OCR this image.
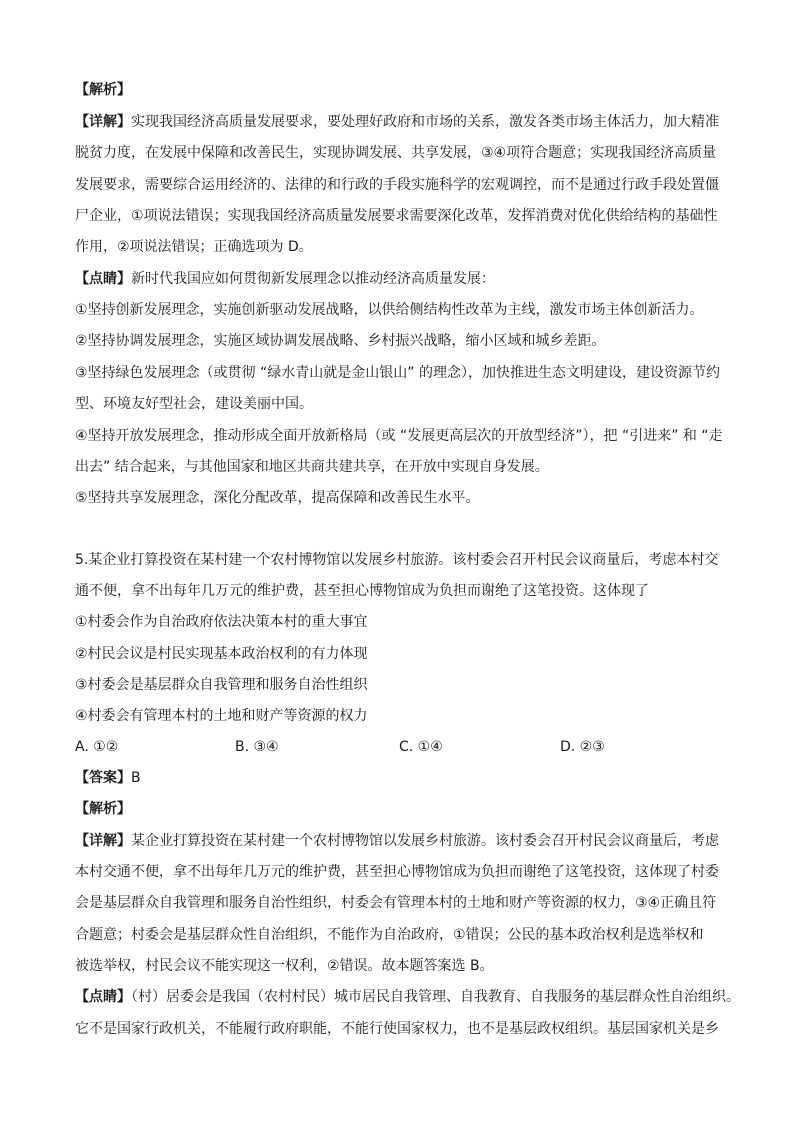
【解析】
【详解】实现我国经济高质量发展要求，要处理好政府和市场的关系，激发各类市场主体活力，加大精准
脱贫力度，在发展中保障和改善民生，实现协调发展、共享发展，③④项符合题意；实现我国经济高质量
发展要求，需要综合运用经济的、法律的和行政的手段实施科学的宏观调控，而不是通过行政手段处置僵
尸企业，①项说法错误；实现我国经济高质量发展要求需要深化改革，发挥消费对优化供给结构的基础性
作用，②项说法错误；正确选项为 D。
【点睛】新时代我国应如何贯彻新发展理念以推动经济高质量发展：
①坚持创新发展理念，实施创新驱动发展战略，以供给侧结构性改革为主线，激发市场主体创新活力。
②坚持协调发展理念，实施区域协调发展战略、乡村振兴战略，缩小区域和城乡差距。
③坚持绿色发展理念（或贯彻 “绿水青山就是金山银山” 的理念），加快推进生态文明建设，建设资源节约
型、环境友好型社会，建设美丽中国。
④坚持开放发展理念，推动形成全面开放新格局（或 “发展更高层次的开放型经济”），把 “引进来” 和 “走
出去” 结合起来，与其他国家和地区共商共建共享，在开放中实现自身发展。
⑤坚持共享发展理念，深化分配改革，提高保障和改善民生水平。
5.某企业打算投资在某村建一个农村博物馆以发展乡村旅游。该村委会召开村民会议商量后，考虑本村交
通不便，拿不出每年几万元的维护费，甚至担心博物馆成为负担而谢绝了这笔投资。这体现了
①村委会作为自治政府依法决策本村的重大事宜
②村民会议是村民实现基本政治权利的有力体现
③村委会是基层群众自我管理和服务自治性组织
④村委会有管理本村的土地和财产等资源的权力
A. ①②	B. ③④	C. ①④	D. ②③
【答案】B
【解析】
【详解】某企业打算投资在某村建一个农村博物馆以发展乡村旅游。该村委会召开村民会议商量后，考虑
本村交通不便，拿不出每年几万元的维护费，甚至担心博物馆成为负担而谢绝了这笔投资，这体现了村委
会是基层群众自我管理和服务自治性组织，村委会有管理本村的土地和财产等资源的权力，③④正确且符
合题意；村委会是基层群众性自治组织，不能作为自治政府，①错误；公民的基本政治权利是选举权和
被选举权，村民会议不能实现这一权利，②错误。故本题答案选 B。
【点睛】（村）居委会是我国（农村村民）城市居民自我管理、自我教育、自我服务的基层群众性自治组织。
它不是国家行政机关，不能履行政府职能，不能行使国家权力，也不是基层政权组织。基层国家机关是乡
